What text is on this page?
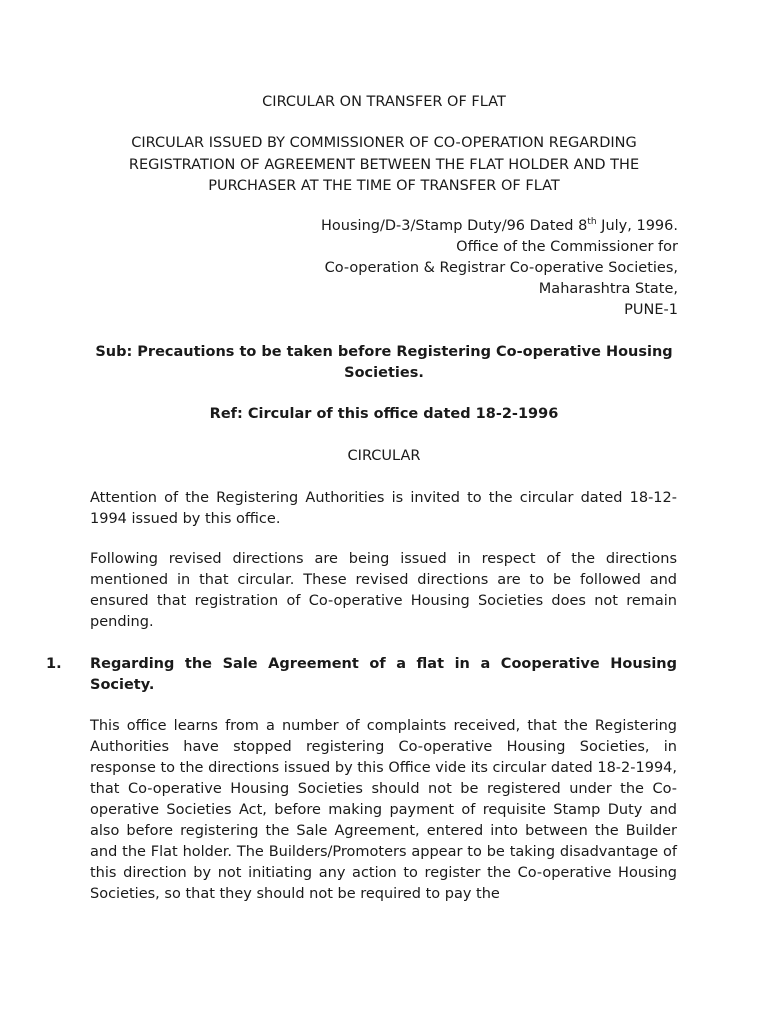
CIRCULAR ON TRANSFER OF FLAT

CIRCULAR ISSUED BY COMMISSIONER OF CO-OPERATION REGARDING REGISTRATION OF AGREEMENT BETWEEN THE FLAT HOLDER AND THE PURCHASER AT THE TIME OF TRANSFER OF FLAT

Housing/D-3/Stamp Duty/96 Dated 8th July, 1996.
Office of the Commissioner for
Co-operation & Registrar Co-operative Societies,
Maharashtra State,
PUNE-1

Sub: Precautions to be taken before Registering Co-operative Housing Societies.

Ref: Circular of this office dated 18-2-1996

CIRCULAR

Attention of the Registering Authorities is invited to the circular dated 18-12-1994 issued by this office.

Following revised directions are being issued in respect of the directions mentioned in that circular. These revised directions are to be followed and ensured that registration of Co-operative Housing Societies does not remain pending.

1. Regarding the Sale Agreement of a flat in a Cooperative Housing Society.

This office learns from a number of complaints received, that the Registering Authorities have stopped registering Co-operative Housing Societies, in response to the directions issued by this Office vide its circular dated 18-2-1994, that Co-operative Housing Societies should not be registered under the Co-operative Societies Act, before making payment of requisite Stamp Duty and also before registering the Sale Agreement, entered into between the Builder and the Flat holder. The Builders/Promoters appear to be taking disadvantage of this direction by not initiating any action to register the Co-operative Housing Societies, so that they should not be required to pay the
